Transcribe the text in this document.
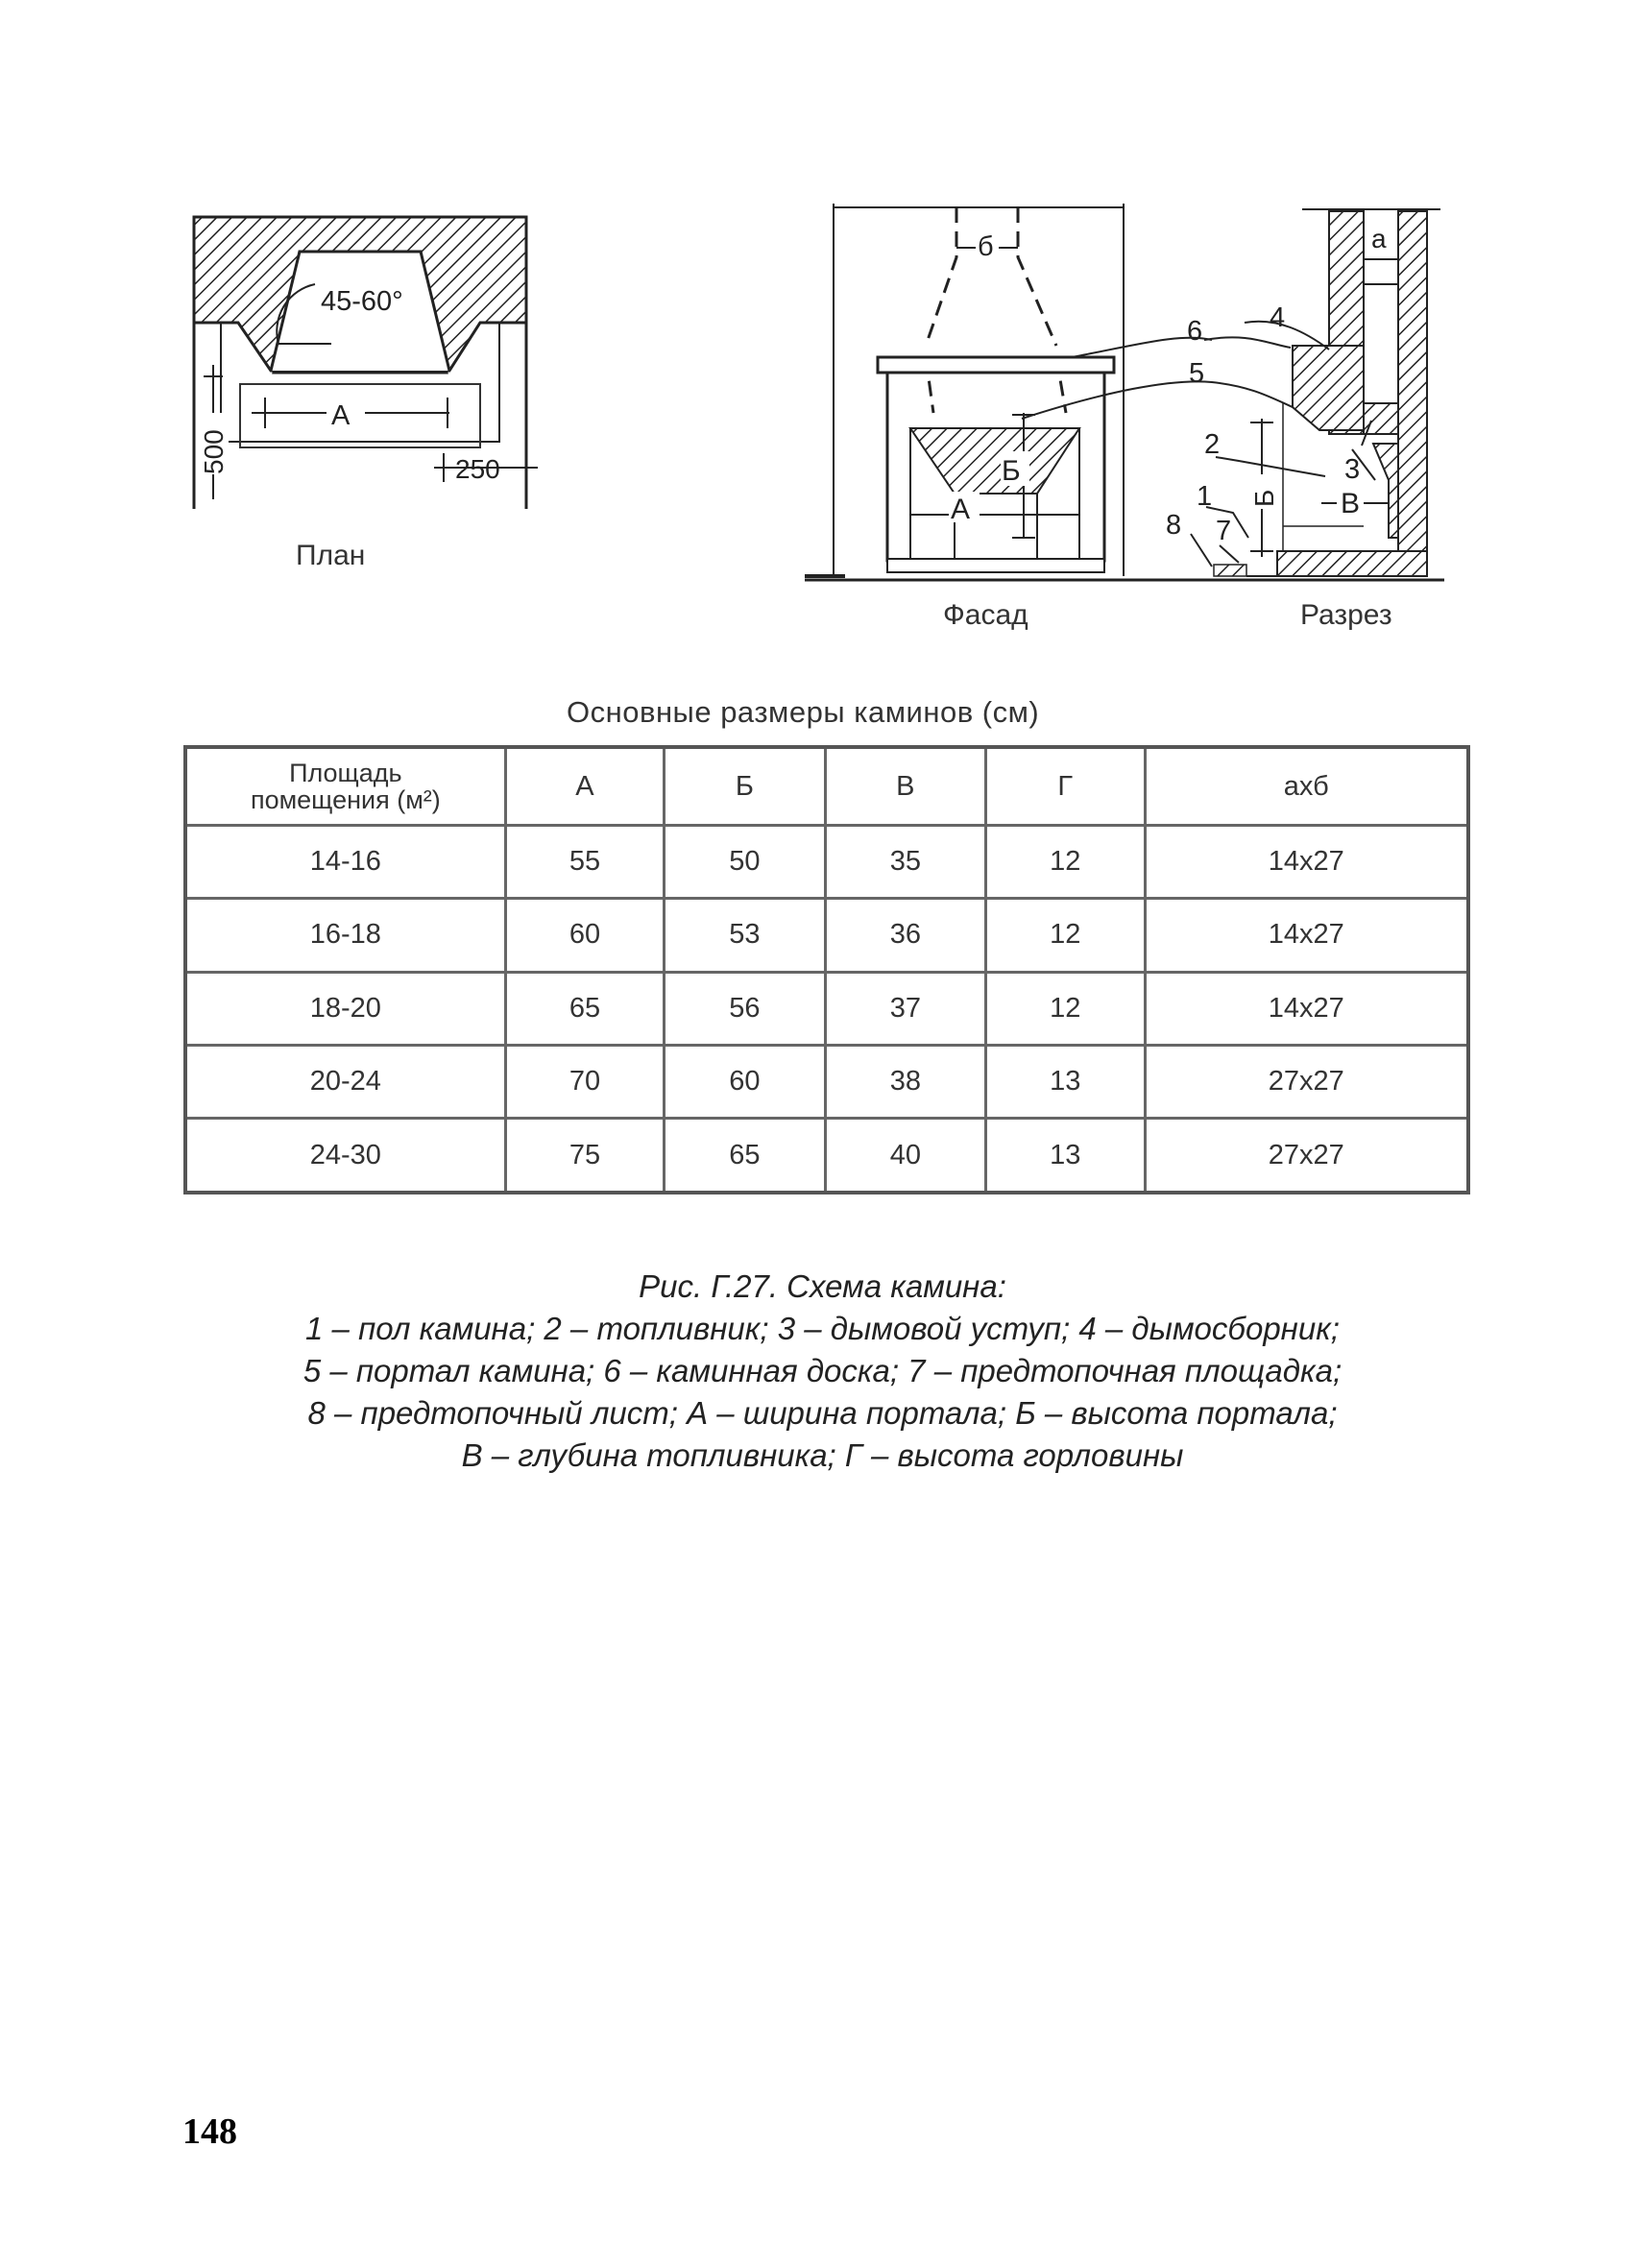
45-60°
А
500	250
б
Б
А
а
Б В
6 4
5
2
3
1
8 7
План
Фасад	Разрез
Основные размеры каминов (см)
Площадь
помещения (м²)	А	Б	В	Г	ахб
14-16	55	50	35	12	14х27
16-18	60	53	36	12	14х27
18-20	65	56	37	12	14х27
20-24	70	60	38	13	27х27
24-30	75	65	40	13	27х27
Рис. Г.27. Схема камина:
1 – пол камина; 2 – топливник; 3 – дымовой уступ; 4 – дымосборник;
5 – портал камина; 6 – каминная доска; 7 – предтопочная площадка;
8 – предтопочный лист; А – ширина портала; Б – высота портала;
В – глубина топливника; Г – высота горловины
148
